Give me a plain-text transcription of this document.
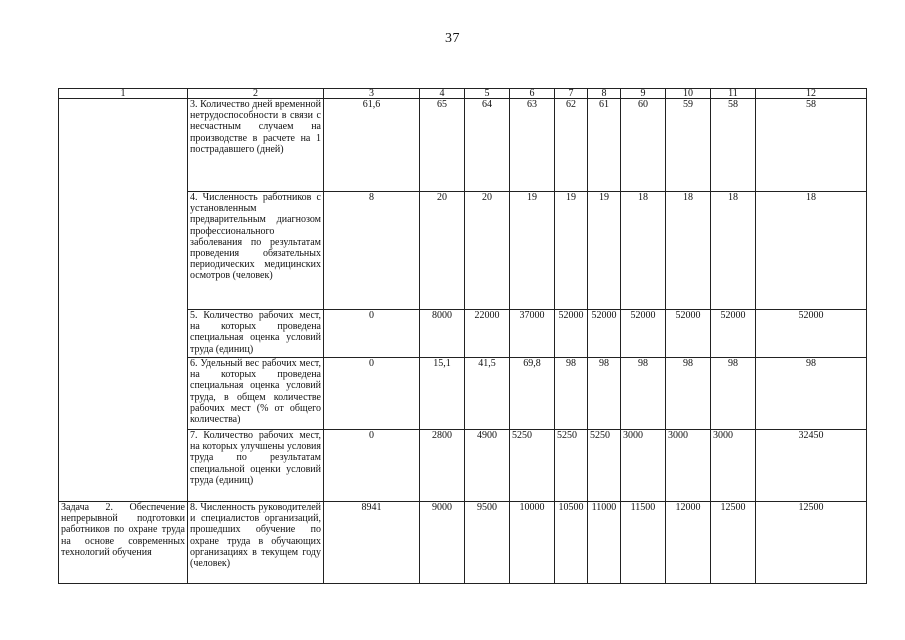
37
1	2	3	4	5	6	7	8	9	10	11	12
	3. Количество дней временной нетрудоспособности в связи с несчастным случаем на производстве в расчете на 1 пострадавшего (дней)	61,6	65	64	63	62	61	60	59	58	58
	4. Численность работников с установленным предварительным диагнозом профессионального заболевания по результатам проведения обязательных периодических медицинских осмотров (человек)	8	20	20	19	19	19	18	18	18	18
	5. Количество рабочих мест, на которых проведена специальная оценка условий труда (единиц)	0	8000	22000	37000	52000	52000	52000	52000	52000	52000
	6. Удельный вес рабочих мест, на которых проведена специальная оценка условий труда, в общем количестве рабочих мест (% от общего количества)	0	15,1	41,5	69,8	98	98	98	98	98	98
	7. Количество рабочих мест, на которых улучшены условия труда по результатам специальной оценки условий труда (единиц)	0	2800	4900	5250	5250	5250	3000	3000	3000	32450
Задача 2. Обеспечение непрерывной подготовки работников по охране труда на основе современных технологий обучения	8. Численность руководителей и специалистов организаций, прошедших обучение по охране труда в обучающих организациях в текущем году (человек)	8941	9000	9500	10000	10500	11000	11500	12000	12500	12500
